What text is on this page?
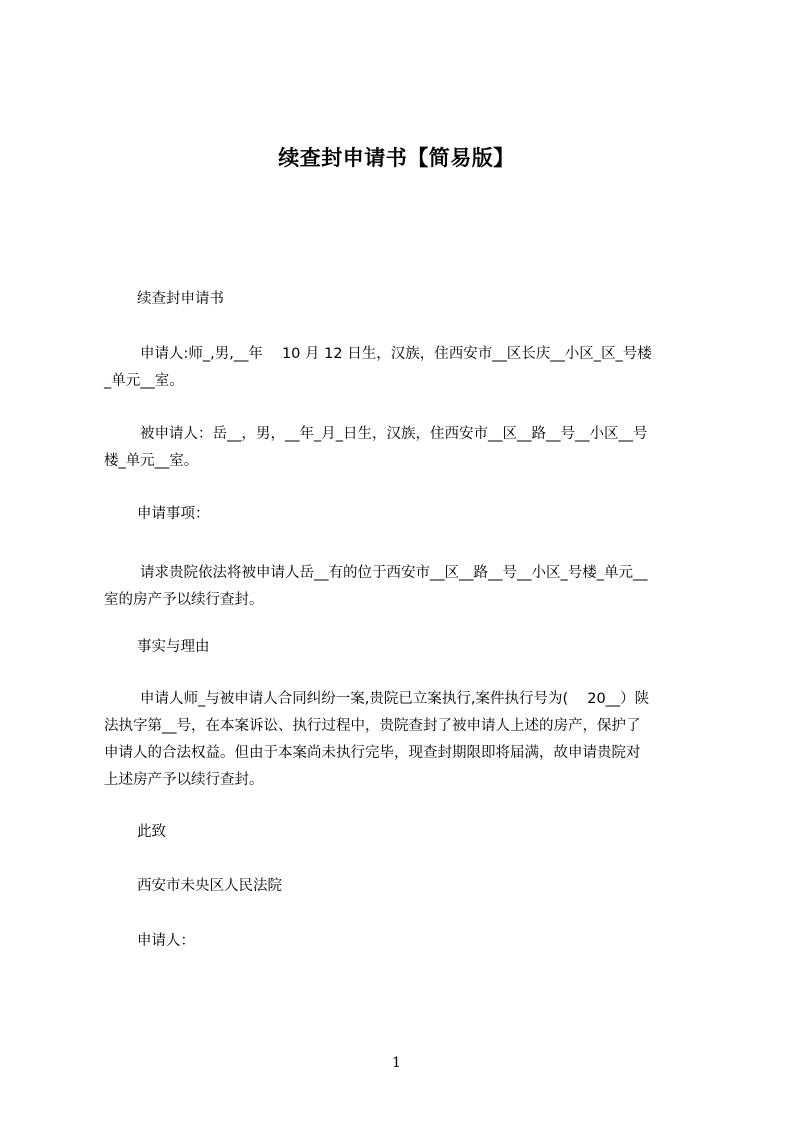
续查封申请书【简易版】

续查封申请书

申请人:师_,男,__年　 10 月 12 日生，汉族，住西安市__区长庆__小区_区_号楼
_单元__室。

被申请人：岳__，男，__年_月_日生，汉族，住西安市__区__路__号__小区__号
楼_单元__室。

申请事项：

请求贵院依法将被申请人岳__有的位于西安市__区__路__号__小区_号楼_单元__
室的房产予以续行查封。

事实与理由

申请人师_与被申请人合同纠纷一案,贵院已立案执行,案件执行号为(　 20__）陕
法执字第__号，在本案诉讼、执行过程中，贵院查封了被申请人上述的房产，保护了
申请人的合法权益。但由于本案尚未执行完毕，现查封期限即将届满，故申请贵院对
上述房产予以续行查封。

此致

西安市未央区人民法院

申请人：

1
